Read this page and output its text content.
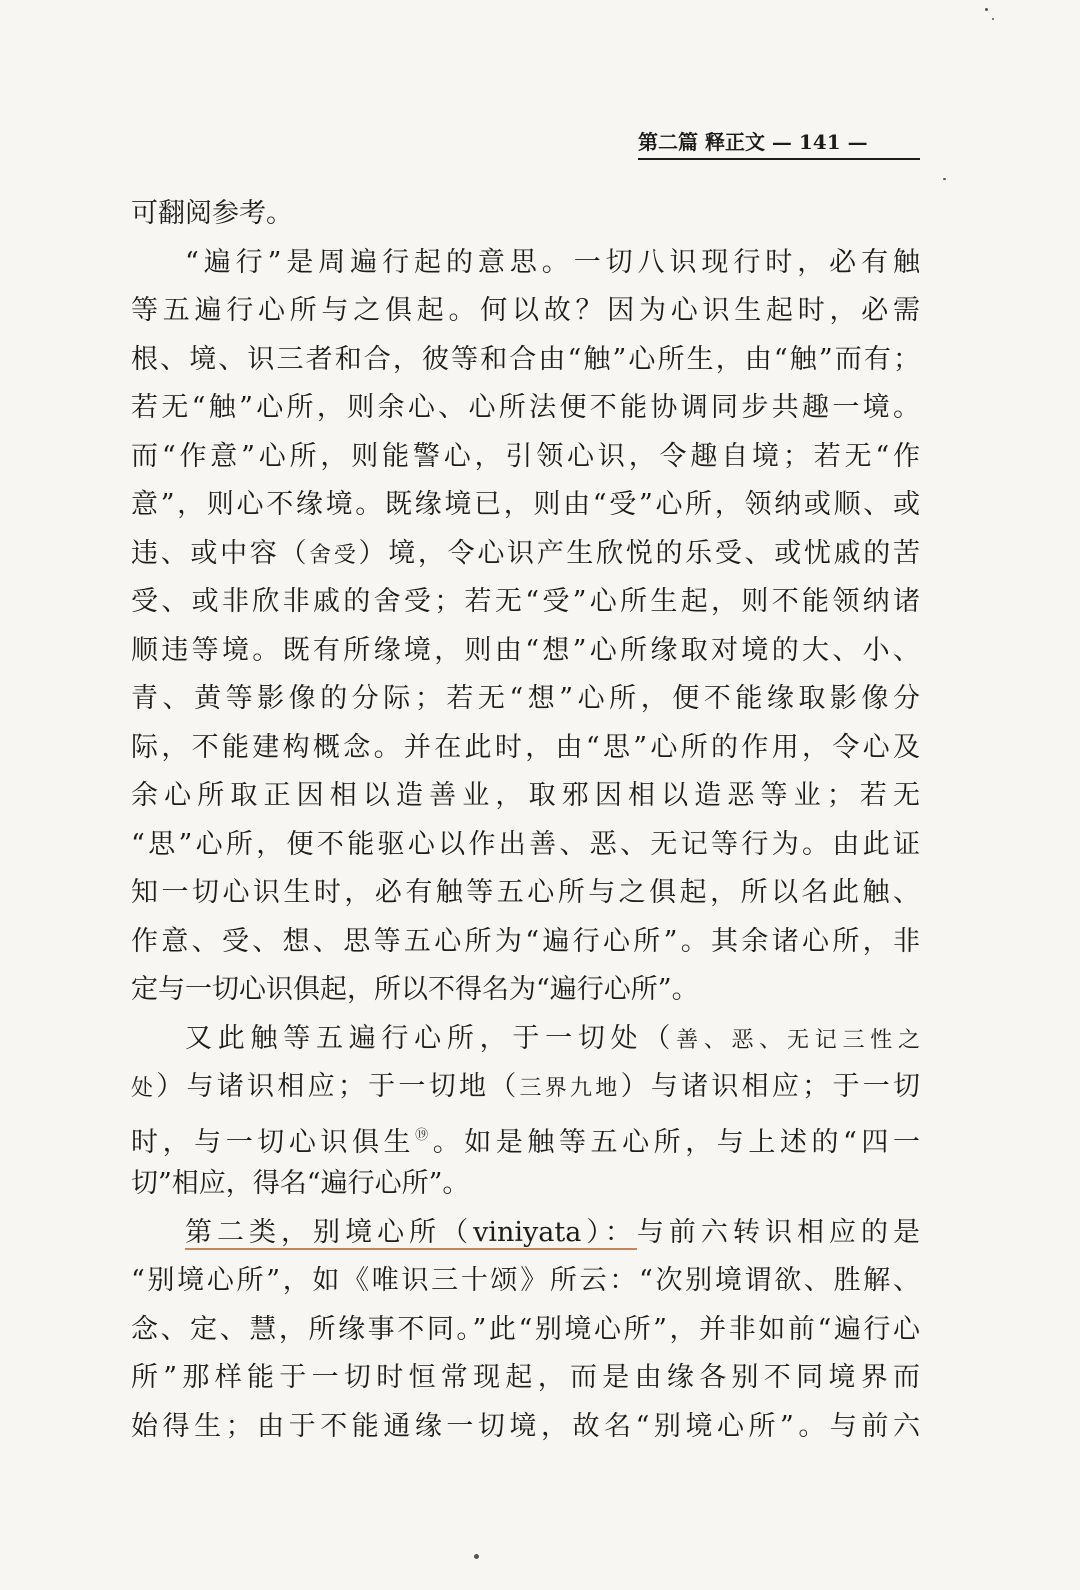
第二篇 释正文 — 141 —
可翻阅参考。
“遍行”是周遍行起的意思。一切八识现行时，必有触
等五遍行心所与之俱起。何以故？因为心识生起时，必需
根、境、识三者和合，彼等和合由“触”心所生，由“触”而有；
若无“触”心所，则余心、心所法便不能协调同步共趣一境。
而“作意”心所，则能警心，引领心识，令趣自境；若无“作
意”，则心不缘境。既缘境已，则由“受”心所，领纳或顺、或
违、或中容（舍受）境，令心识产生欣悦的乐受、或忧戚的苦
受、或非欣非戚的舍受；若无“受”心所生起，则不能领纳诸
顺违等境。既有所缘境，则由“想”心所缘取对境的大、小、
青、黄等影像的分际；若无“想”心所，便不能缘取影像分
际，不能建构概念。并在此时，由“思”心所的作用，令心及
余心所取正因相以造善业，取邪因相以造恶等业；若无
“思”心所，便不能驱心以作出善、恶、无记等行为。由此证
知一切心识生时，必有触等五心所与之俱起，所以名此触、
作意、受、想、思等五心所为“遍行心所”。其余诸心所，非
定与一切心识俱起，所以不得名为“遍行心所”。
又此触等五遍行心所，于一切处（善、恶、无记三性之
处）与诸识相应；于一切地（三界九地）与诸识相应；于一切
时，与一切心识俱生⑲。如是触等五心所，与上述的“四一
切”相应，得名“遍行心所”。
第二类，别境心所（viniyata）：与前六转识相应的是
“别境心所”，如《唯识三十颂》所云：“次别境谓欲、胜解、
念、定、慧，所缘事不同。”此“别境心所”，并非如前“遍行心
所”那样能于一切时恒常现起，而是由缘各别不同境界而
始得生；由于不能通缘一切境，故名“别境心所”。与前六
